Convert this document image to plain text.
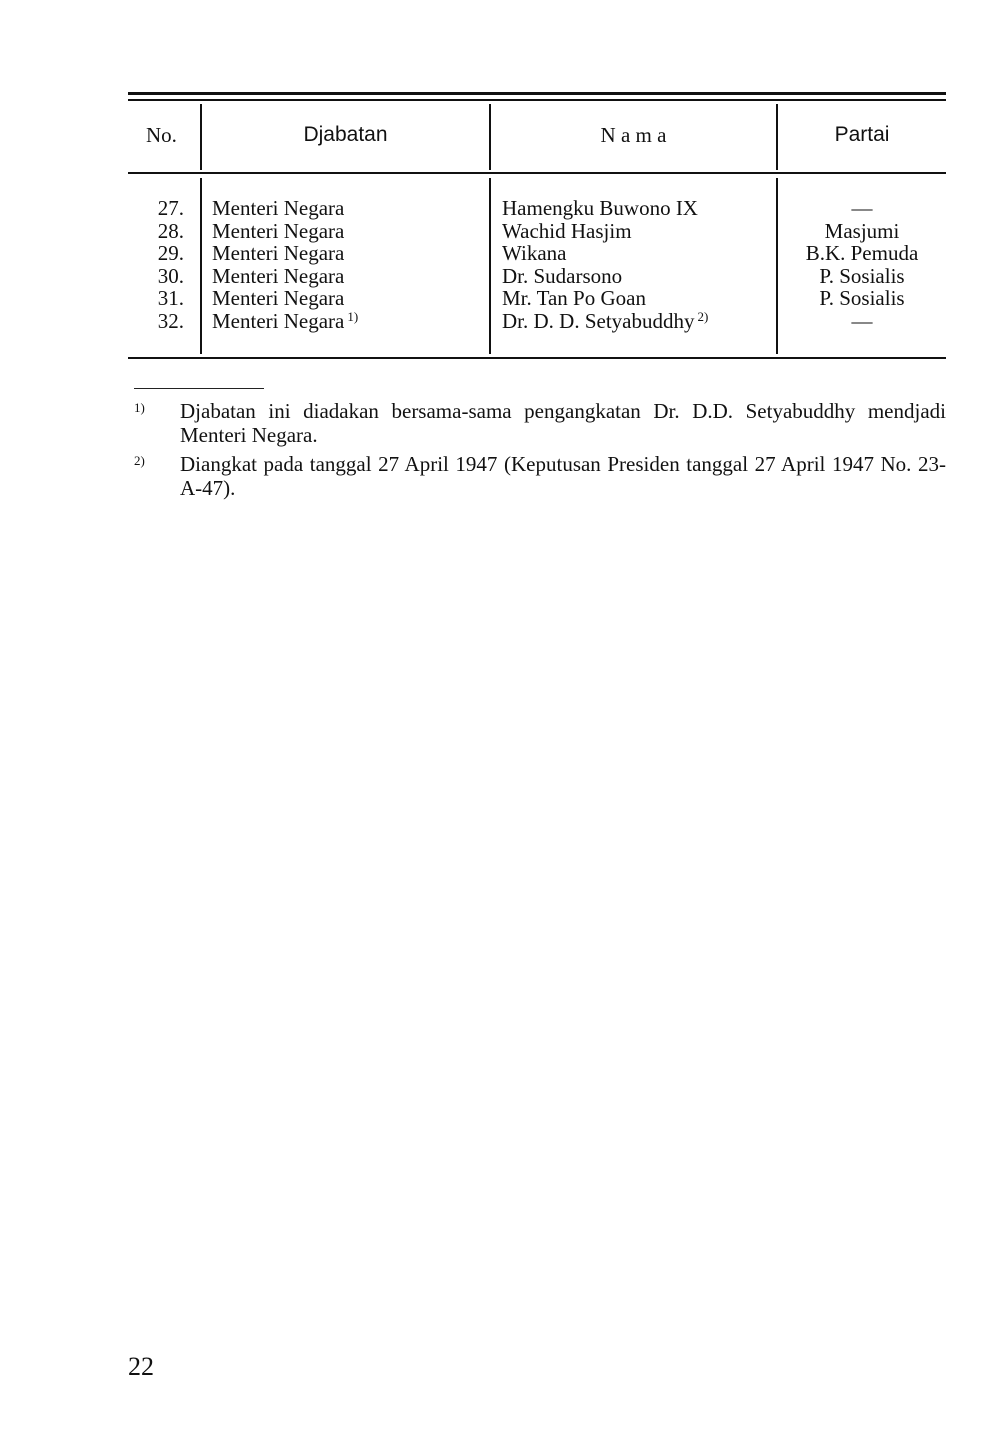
No.	Djabatan	N a m a	Partai
27. Menteri Negara	Hamengku Buwono IX	—
28. Menteri Negara	Wachid Hasjim	Masjumi
29. Menteri Negara	Wikana	B.K. Pemuda
30. Menteri Negara	Dr. Sudarsono	P. Sosialis
31. Menteri Negara	Mr. Tan Po Goan	P. Sosialis
32. Menteri Negara $^{1)}$	Dr. D. D. Setyabuddhy $^{2)}$	—
$^{1)}$ Djabatan ini diadakan bersama-sama pengangkatan Dr. D.D. Setyabuddhy mendjadi Menteri Negara.
$^{2)}$ Diangkat pada tanggal 27 April 1947 (Keputusan Presiden tanggal 27 April 1947 No. 23-A-47).
22
